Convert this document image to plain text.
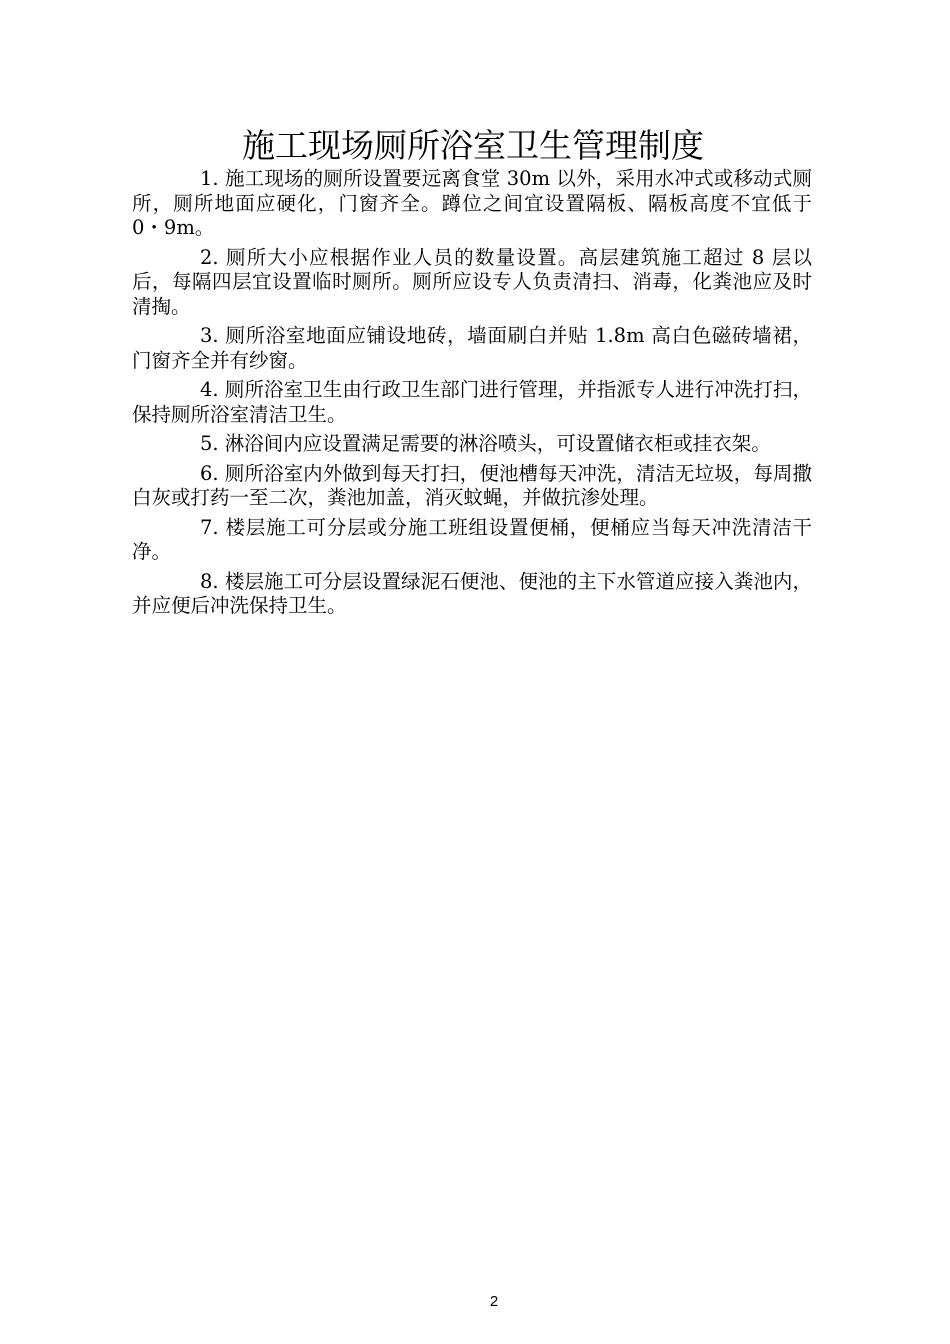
施工现场厕所浴室卫生管理制度

1. 施工现场的厕所设置要远离食堂 30m 以外，采用水冲式或移动式厕所，厕所地面应硬化，门窗齐全。蹲位之间宜设置隔板、隔板高度不宜低于 0・9m。

2. 厕所大小应根据作业人员的数量设置。高层建筑施工超过 8 层以后，每隔四层宜设置临时厕所。厕所应设专人负责清扫、消毒，化粪池应及时清掏。

3. 厕所浴室地面应铺设地砖，墙面刷白并贴 1.8m 高白色磁砖墙裙，门窗齐全并有纱窗。

4. 厕所浴室卫生由行政卫生部门进行管理，并指派专人进行冲洗打扫，保持厕所浴室清洁卫生。

5. 淋浴间内应设置满足需要的淋浴喷头，可设置储衣柜或挂衣架。

6. 厕所浴室内外做到每天打扫，便池槽每天冲洗，清洁无垃圾，每周撒白灰或打药一至二次，粪池加盖，消灭蚊蝇，并做抗渗处理。

7. 楼层施工可分层或分施工班组设置便桶，便桶应当每天冲洗清洁干净。

8. 楼层施工可分层设置绿泥石便池、便池的主下水管道应接入粪池内，并应便后冲洗保持卫生。

2
